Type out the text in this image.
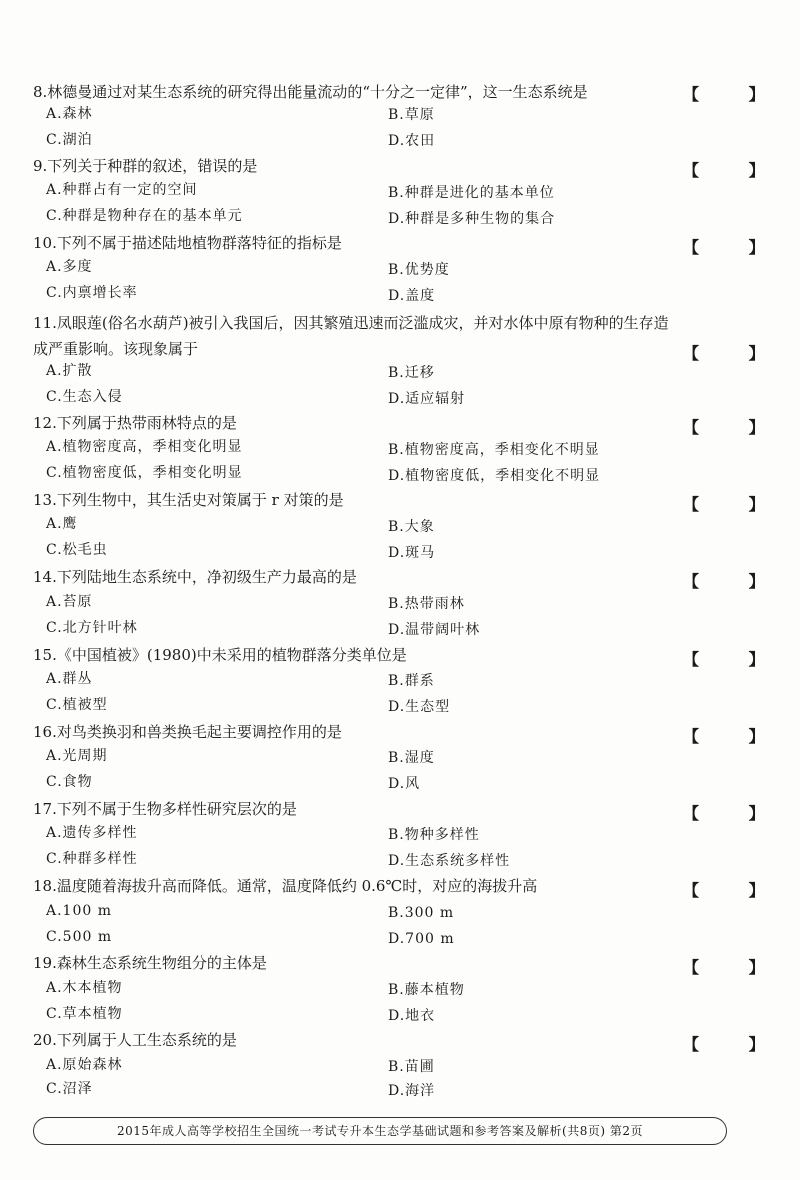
8.林德曼通过对某生态系统的研究得出能量流动的“十分之一定律”，这一生态系统是	【 】
A.森林	B.草原
C.湖泊	D.农田
9.下列关于种群的叙述，错误的是	【 】
A.种群占有一定的空间	B.种群是进化的基本单位
C.种群是物种存在的基本单元	D.种群是多种生物的集合
10.下列不属于描述陆地植物群落特征的指标是	【 】
A.多度	B.优势度
C.内禀增长率	D.盖度
11.凤眼莲(俗名水葫芦)被引入我国后，因其繁殖迅速而泛滥成灾，并对水体中原有物种的生存造
成严重影响。该现象属于	【 】
A.扩散	B.迁移
C.生态入侵	D.适应辐射
12.下列属于热带雨林特点的是	【 】
A.植物密度高，季相变化明显	B.植物密度高，季相变化不明显
C.植物密度低，季相变化明显	D.植物密度低，季相变化不明显
13.下列生物中，其生活史对策属于 r 对策的是	【 】
A.鹰	B.大象
C.松毛虫	D.斑马
14.下列陆地生态系统中，净初级生产力最高的是	【 】
A.苔原	B.热带雨林
C.北方针叶林	D.温带阔叶林
15.《中国植被》(1980)中未采用的植物群落分类单位是	【 】
A.群丛	B.群系
C.植被型	D.生态型
16.对鸟类换羽和兽类换毛起主要调控作用的是	【 】
A.光周期	B.湿度
C.食物	D.风
17.下列不属于生物多样性研究层次的是	【 】
A.遗传多样性	B.物种多样性
C.种群多样性	D.生态系统多样性
18.温度随着海拔升高而降低。通常，温度降低约 0.6℃时，对应的海拔升高	【 】
A.100 m	B.300 m
C.500 m	D.700 m
19.森林生态系统生物组分的主体是	【 】
A.木本植物	B.藤本植物
C.草本植物	D.地衣
20.下列属于人工生态系统的是	【 】
A.原始森林	B.苗圃
C.沼泽	D.海洋
2015年成人高等学校招生全国统一考试专升本生态学基础试题和参考答案及解析(共8页) 第2页
